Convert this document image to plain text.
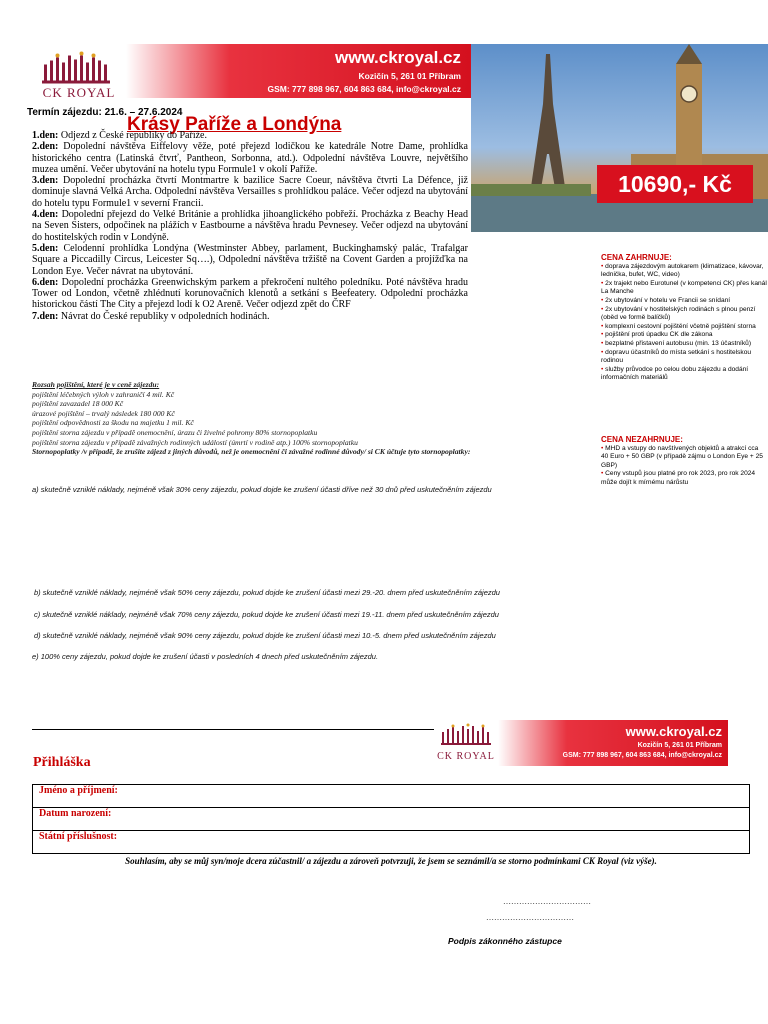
CK ROYAL
www.ckroyal.cz
Kozičín 5, 261 01 Příbram
GSM: 777 898 967, 604 863 684, info@ckroyal.cz
10690,- Kč
Termín zájezdu: 21.6. – 27.6.2024
Krásy Paříže a Londýna

1.den: Odjezd z České republiky do Paříže.

2.den: Dopolední návštěva Eiffelovy věže, poté přejezd lodičkou ke katedrále Notre Dame, prohlídka historického centra (Latinská čtvrť, Pantheon, Sorbonna, atd.). Odpolední návštěva Louvre, největšího muzea umění. Večer ubytování na hotelu typu Formule1 v okolí Paříže.

3.den: Dopolední procházka čtvrtí Montmartre k bazilice Sacre Coeur, návštěva čtvrti La Défence, již dominuje slavná Velká Archa. Odpolední návštěva Versailles s prohlídkou paláce. Večer odjezd na ubytování do hotelu typu Formule1 v severní Francii.

4.den: Dopolední přejezd do Velké Británie a prohlídka jihoanglického pobřeží. Procházka z Beachy Head na Seven Sisters, odpočinek na plážích v Eastbourne a návštěva hradu Pevnesey. Večer odjezd na ubytování do hostitelských rodin v Londýně.

5.den: Celodenní prohlídka Londýna (Westminster Abbey, parlament, Buckinghamský palác, Trafalgar Square a Piccadilly Circus, Leicester Sq….), Odpolední návštěva tržiště na Covent Garden a projížďka na London Eye. Večer návrat na ubytování.

6.den: Dopolední procházka Greenwichským parkem a překročení nultého poledníku. Poté návštěva hradu Tower od London, včetně zhlédnutí korunovačních klenotů a setkání s Beefeatery. Odpolední procházka historickou částí The City a přejezd lodí k O2 Areně. Večer odjezd zpět do ČRF

7.den: Návrat do České republiky v odpoledních hodinách.

Rozsah pojištění, které je v ceně zájezdu:
pojištění léčebných výloh v zahraničí 4 mil. Kč
pojištění zavazadel 18 000 Kč
úrazové pojištění – trvalý následek 180 000 Kč
pojištění odpovědnosti za škodu na majetku 1 mil. Kč
pojištění storna zájezdu v případě onemocnění, úrazu či živelné pohromy 80% stornopoplatku
pojištění storna zájezdu v případě závažných rodinných událostí (úmrtí v rodině atp.) 100% stornopoplatku
Stornopoplatky /v případě, že zrušíte zájezd z jiných důvodů, než je onemocnění či závažné rodinné důvody/ si CK účtuje tyto stornopoplatky:
a) skutečně vzniklé náklady, nejméně však 30% ceny zájezdu, pokud dojde ke zrušení účasti dříve než 30 dnů před uskutečněním zájezdu
b) skutečně vzniklé náklady, nejméně však 50% ceny zájezdu, pokud dojde ke zrušení účasti mezi 29.-20. dnem před uskutečněním zájezdu
c) skutečně vzniklé náklady, nejméně však 70% ceny zájezdu, pokud dojde ke zrušení účasti mezi 19.-11. dnem před uskutečněním zájezdu
d) skutečně vzniklé náklady, nejméně však 90% ceny zájezdu, pokud dojde ke zrušení účasti mezi 10.-5. dnem před uskutečněním zájezdu
e) 100% ceny zájezdu, pokud dojde ke zrušení účasti v posledních 4 dnech před uskutečněním zájezdu.
CENA ZAHRNUJE:
• doprava zájezdovým autokarem (klimatizace, kávovar, lednička, bufet, WC, video)
• 2x trajekt nebo Eurotunel (v kompetenci CK) přes kanál La Manche
• 2x ubytování v hotelu ve Francii se snídaní
• 2x ubytování v hostitelských rodinách s plnou penzí (oběd ve formě balíčků)
• komplexní cestovní pojištění včetně pojištění storna
• pojištění proti úpadku CK dle zákona
• bezplatné přistavení autobusu (min. 13 účastníků)
• dopravu účastníků do místa setkání s hostitelskou rodinou
• služby průvodce po celou dobu zájezdu a dodání informačních materiálů
CENA NEZAHRNUJE:
• MHD a vstupy do navštívených objektů a atrakcí cca 40 Euro + 50 GBP (v případě zájmu o London Eye + 25 GBP)
• Ceny vstupů jsou platné pro rok 2023, pro rok 2024 může dojít k mírnému nárůstu
CK ROYAL
www.ckroyal.cz
Kozičín 5, 261 01 Příbram
GSM: 777 898 967, 604 863 684, info@ckroyal.cz
Přihláška
Jméno a příjmení:
Datum narození:
Státní příslušnost:
Souhlasím, aby se můj syn/moje dcera zúčastnil/ a zájezdu a zároveň potvrzuji, že jsem se seznámil/a se storno podmínkami CK Royal (viz výše).
……………………………
……………………………
Podpis zákonného zástupce
